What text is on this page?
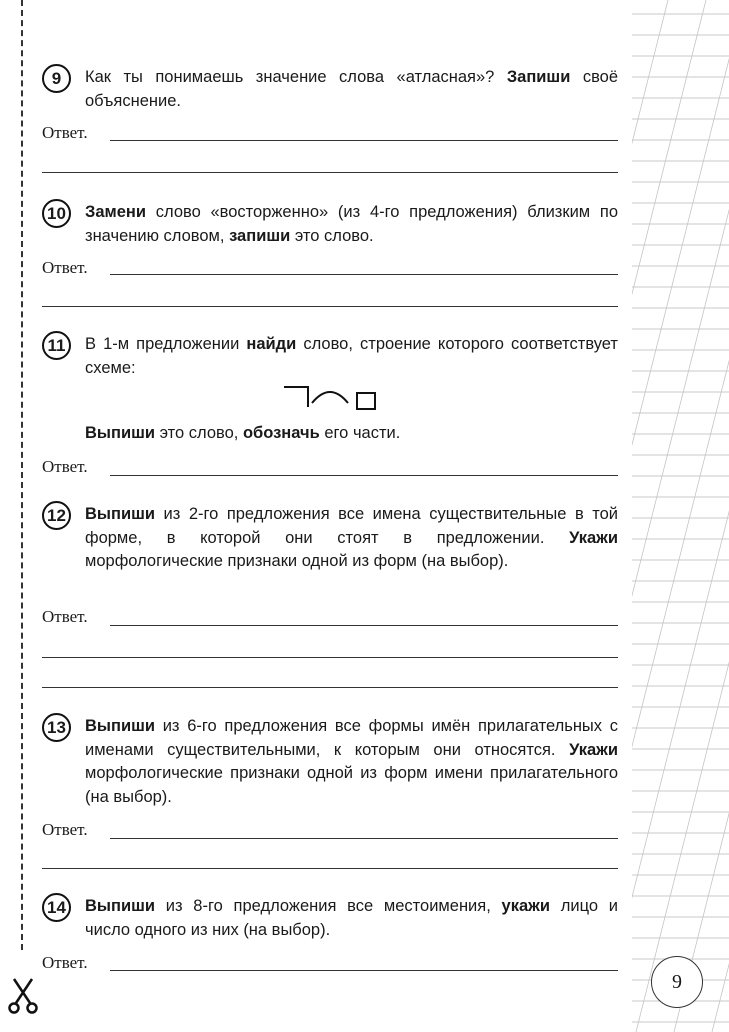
9	Как ты понимаешь значение слова «атласная»? Запиши своё объяснение.
Ответ.
10	Замени слово «восторженно» (из 4-го предложения) близким по значению словом, запиши это слово.
Ответ.
11	В 1-м предложении найди слово, строение которого соответствует схеме:
Выпиши это слово, обозначь его части.
Ответ.
12	Выпиши из 2-го предложения все имена существительные в той форме, в которой они стоят в предложении. Укажи морфологические признаки одной из форм (на выбор).
Ответ.
13	Выпиши из 6-го предложения все формы имён прилагательных с именами существительными, к которым они относятся. Укажи морфологические признаки одной из форм имени прилагательного (на выбор).
Ответ.
14	Выпиши из 8-го предложения все местоимения, укажи лицо и число одного из них (на выбор).
Ответ.
9
